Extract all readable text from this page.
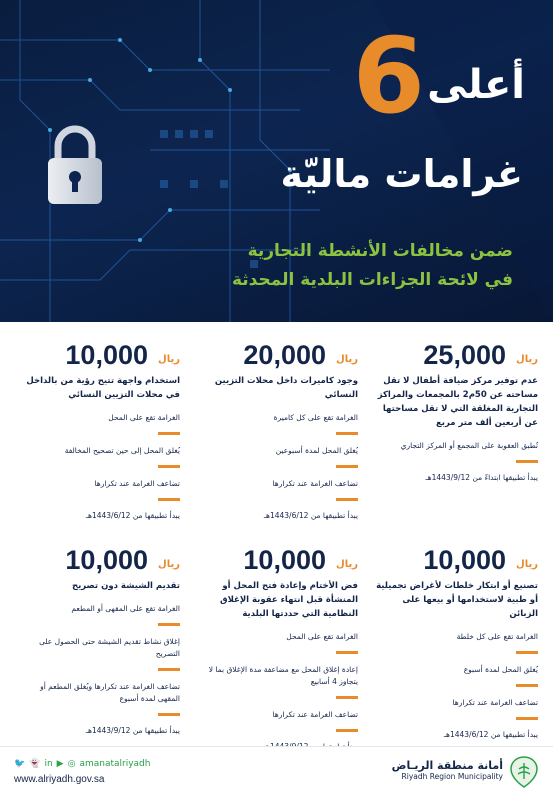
أعلى
6
غرامات ماليّة
ضمن مخالفات الأنشطة التجارية
في لائحة الجزاءات البلدية المحدثة
25,000 ريال
عدم توفير مركز ضيافة أطفال لا تقل مساحته عن 50م2 بالمجمعات والمراكز التجارية المغلقة التي لا تقل مساحتها عن أربعين ألف متر مربع
تُطبق العقوبة على المجمع أو المركز التجاري
يبدأ تطبيقها ابتداءً من 1443/9/12هـ
20,000 ريال
وجود كاميرات داخل محلات التزيين النسائي
الغرامة تقع على كل كاميرة
يُغلق المحل لمدة أسبوعين
تضاعف الغرامة عند تكرارها
يبدأ تطبيقها من 1443/6/12هـ
10,000 ريال
استخدام واجهة تتيح رؤية من بالداخل في محلات التزيين النسائي
الغرامة تقع على المحل
يُغلق المحل إلى حين تصحيح المخالفة
تضاعف الغرامة عند تكرارها
يبدأ تطبيقها من 1443/6/12هـ
10,000 ريال
تصنيع أو ابتكار خلطات لأغراض تجميلية أو طبية لاستخدامها أو بيعها على الزبائن
الغرامة تقع على كل خلطة
يُغلق المحل لمدة أسبوع
تضاعف الغرامة عند تكرارها
يبدأ تطبيقها من 1443/6/12هـ
10,000 ريال
فض الأختام وإعادة فتح المحل أو المنشأة قبل انتهاء عقوبة الإغلاق النظامية التي حددتها البلدية
الغرامة تقع على المحل
إعادة إغلاق المحل مع مضاعفة مدة الإغلاق بما لا يتجاوز 4 أسابيع
تضاعف الغرامة عند تكرارها
10,000 ريال
تقديم الشيشة دون تصريح
الغرامة تقع على المقهى أو المطعم
إغلاق نشاط تقديم الشيشة حتى الحصول على التصريح
تضاعف الغرامة عند تكرارها ويُغلق المطعم أو المقهى لمدة أسبوع
يبدأ تطبيقها من 1443/9/12هـ
أمانة منطقة الريـاض
Riyadh Region Municipality
🐦 👻 in ▶ ◎ amanatalriyadh
www.alriyadh.gov.sa
